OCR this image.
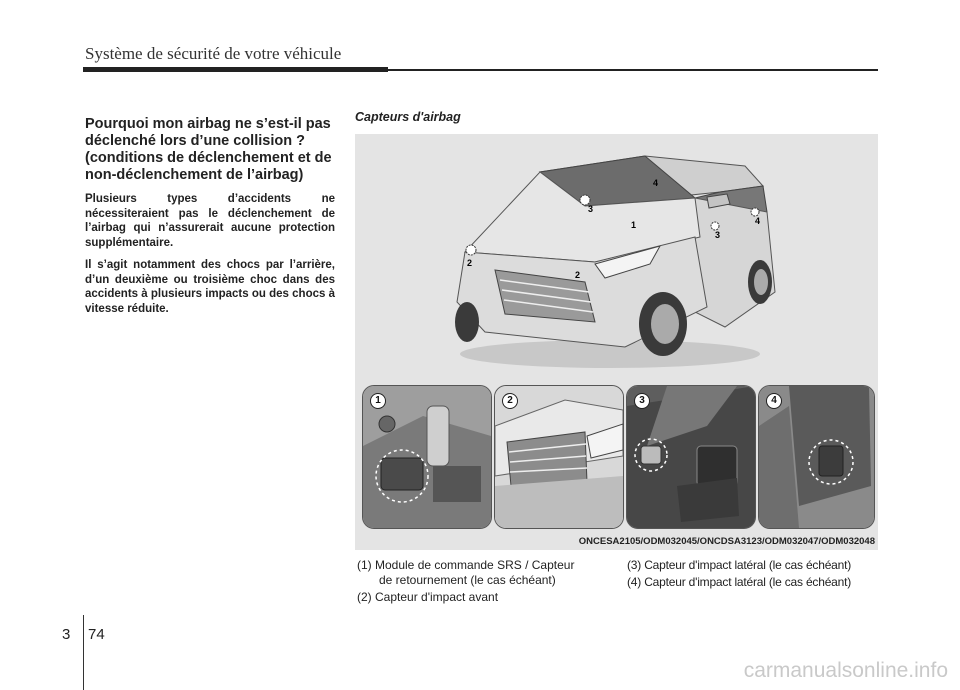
Système de sécurité de votre véhicule
Pourquoi mon airbag ne s’est-il pas déclenché lors d’une collision ? (conditions de déclenchement et de non-déclenchement de l’airbag)

Plusieurs types d’accidents ne nécessiteraient pas le déclenchement de l’airbag qui n’assurerait aucune protection supplémentaire.

Il s’agit notamment des chocs par l’arrière, d’un deuxième ou troisième choc dans des accidents à plusieurs impacts ou des chocs à vitesse réduite.

Capteurs d'airbag
3
4
1
3
4
2
2
1	2	3	4
ONCESA2105/ODM032045/ONCDSA3123/ODM032047/ODM032048
(1) Module de commande SRS / Capteur
de retournement (le cas échéant)
(2) Capteur d'impact avant
(3) Capteur d'impact latéral (le cas échéant)
(4) Capteur d'impact latéral (le cas échéant)
3 74
carmanualsonline.info
